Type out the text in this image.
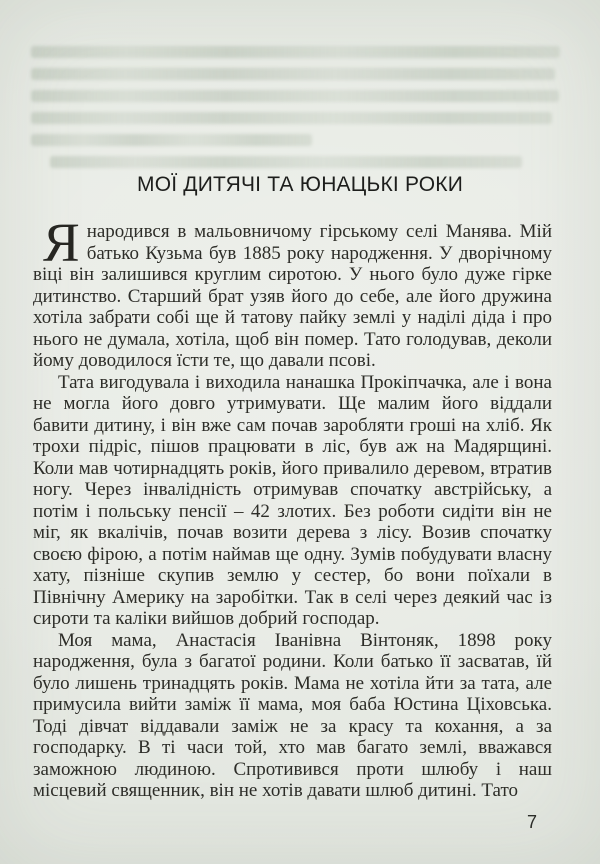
МОЇ ДИТЯЧІ ТА ЮНАЦЬКІ РОКИ

Янародився в мальовничому гірському селі Манява. Мій батько Кузьма був 1885 року народження. У дворічному віці він залишився круглим сиротою. У нього було дуже гірке дитинство. Старший брат узяв його до себе, але його дружина хотіла забрати собі ще й татову пайку землі у наділі діда і про нього не думала, хотіла, щоб він помер. Тато голодував, деколи йому доводилося їсти те, що давали псові.

Тата вигодувала і виходила нанашка Прокіпчачка, але і вона не могла його довго утримувати. Ще малим його віддали бавити дитину, і він вже сам почав заробляти гроші на хліб. Як трохи підріс, пішов працювати в ліс, був аж на Мадярщині. Коли мав чотирнадцять років, його привалило деревом, втратив ногу. Через інвалідність отримував спочатку австрійську, а потім і польську пенсії – 42 злотих. Без роботи сидіти він не міг, як вкалічів, почав возити дерева з лісу. Возив спочатку своєю фірою, а потім наймав ще одну. Зумів побудувати власну хату, пізніше скупив землю у сестер, бо вони поїхали в Північну Америку на заробітки. Так в селі через деякий час із сироти та каліки вийшов добрий господар.

Моя мама, Анастасія Іванівна Вінтоняк, 1898 року народження, була з багатої родини. Коли батько її засватав, їй було лишень тринадцять років. Мама не хотіла йти за тата, але примусила вийти заміж її мама, моя баба Юстина Ціховська. Тоді дівчат віддавали заміж не за красу та кохання, а за господарку. В ті часи той, хто мав багато землі, вважався заможною людиною. Спротивився проти шлюбу і наш місцевий священник, він не хотів давати шлюб дитині. Тато

7
